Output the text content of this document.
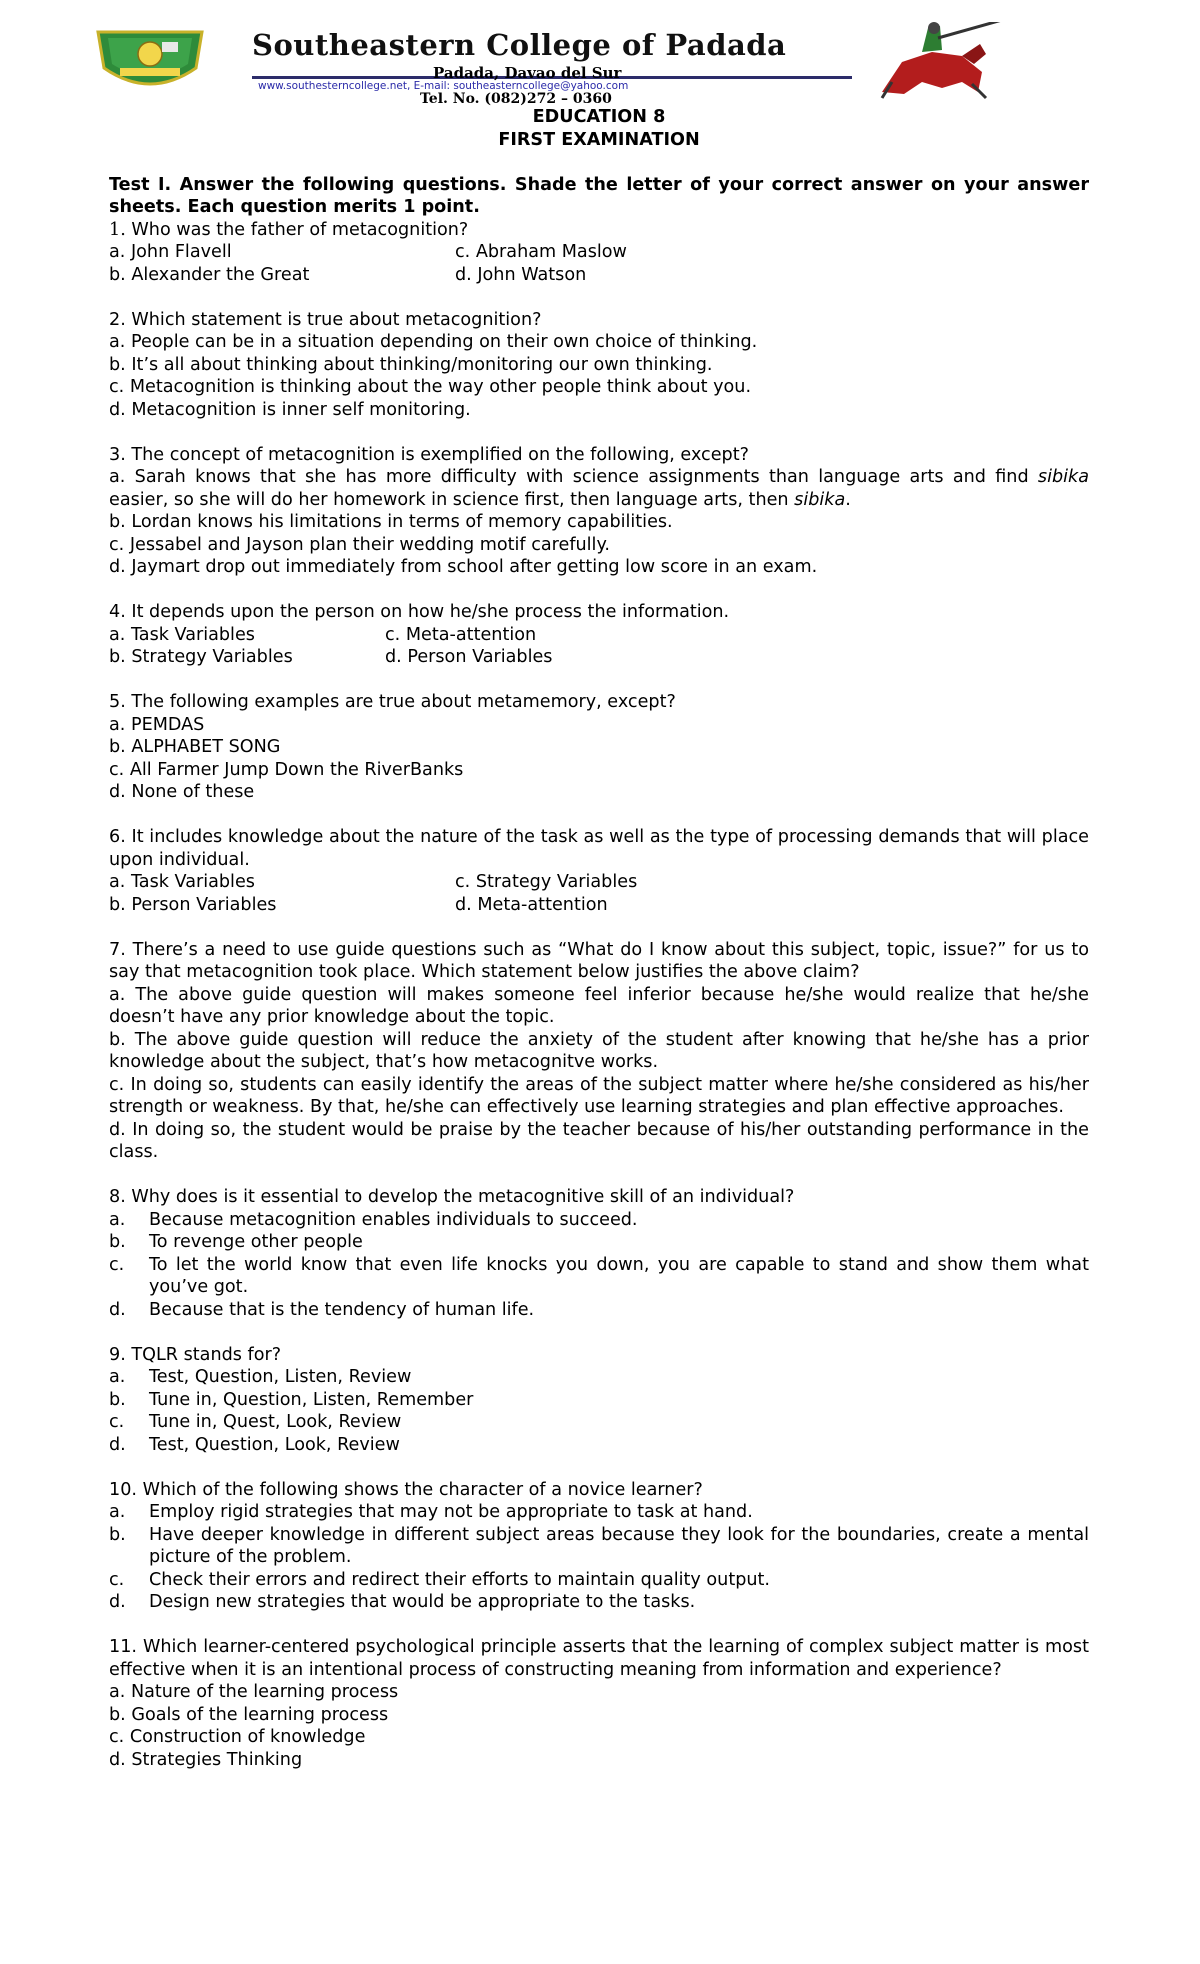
Southeastern College of Padada
Padada, Davao del Sur
www.southesterncollege.net, E-mail: southeasterncollege@yahoo.com
Tel. No. (082)272 – 0360
EDUCATION 8
FIRST EXAMINATION
Test I. Answer the following questions. Shade the letter of your correct answer on your answer sheets. Each question merits 1 point.
1. Who was the father of metacognition?
a. John Flavell	c. Abraham Maslow
b. Alexander the Great	d. John Watson
2. Which statement is true about metacognition?
a. People can be in a situation depending on their own choice of thinking.
b. It’s all about thinking about thinking/monitoring our own thinking.
c. Metacognition is thinking about the way other people think about you.
d. Metacognition is inner self monitoring.
3. The concept of metacognition is exemplified on the following, except?
a. Sarah knows that she has more difficulty with science assignments than language arts and find sibika easier, so she will do her homework in science first, then language arts, then sibika.
b. Lordan knows his limitations in terms of memory capabilities.
c. Jessabel and Jayson plan their wedding motif carefully.
d. Jaymart drop out immediately from school after getting low score in an exam.
4. It depends upon the person on how he/she process the information.
a. Task Variables	c. Meta-attention
b. Strategy Variables	d. Person Variables
5. The following examples are true about metamemory, except?
a. PEMDAS
b. ALPHABET SONG
c. All Farmer Jump Down the RiverBanks
d. None of these
6. It includes knowledge about the nature of the task as well as the type of processing demands that will place upon individual.
a. Task Variables	c. Strategy Variables
b. Person Variables	d. Meta-attention
7. There’s a need to use guide questions such as “What do I know about this subject, topic, issue?” for us to say that metacognition took place. Which statement below justifies the above claim?
a. The above guide question will makes someone feel inferior because he/she would realize that he/she doesn’t have any prior knowledge about the topic.
b. The above guide question will reduce the anxiety of the student after knowing that he/she has a prior knowledge about the subject, that’s how metacognitve works.
c. In doing so, students can easily identify the areas of the subject matter where he/she considered as his/her strength or weakness. By that, he/she can effectively use learning strategies and plan effective approaches.
d. In doing so, the student would be praise by the teacher because of his/her outstanding performance in the class.
8. Why does is it essential to develop the metacognitive skill of an individual?
a.	Because metacognition enables individuals to succeed.
b.	To revenge other people
c.	To let the world know that even life knocks you down, you are capable to stand and show them what you’ve got.
d.	Because that is the tendency of human life.
9. TQLR stands for?
a.	Test, Question, Listen, Review
b.	Tune in, Question, Listen, Remember
c.	Tune in, Quest, Look, Review
d.	Test, Question, Look, Review
10. Which of the following shows the character of a novice learner?
a.	Employ rigid strategies that may not be appropriate to task at hand.
b.	Have deeper knowledge in different subject areas because they look for the boundaries, create a mental picture of the problem.
c.	Check their errors and redirect their efforts to maintain quality output.
d.	Design new strategies that would be appropriate to the tasks.
11. Which learner-centered psychological principle asserts that the learning of complex subject matter is most effective when it is an intentional process of constructing meaning from information and experience?
a. Nature of the learning process
b. Goals of the learning process
c. Construction of knowledge
d. Strategies Thinking
